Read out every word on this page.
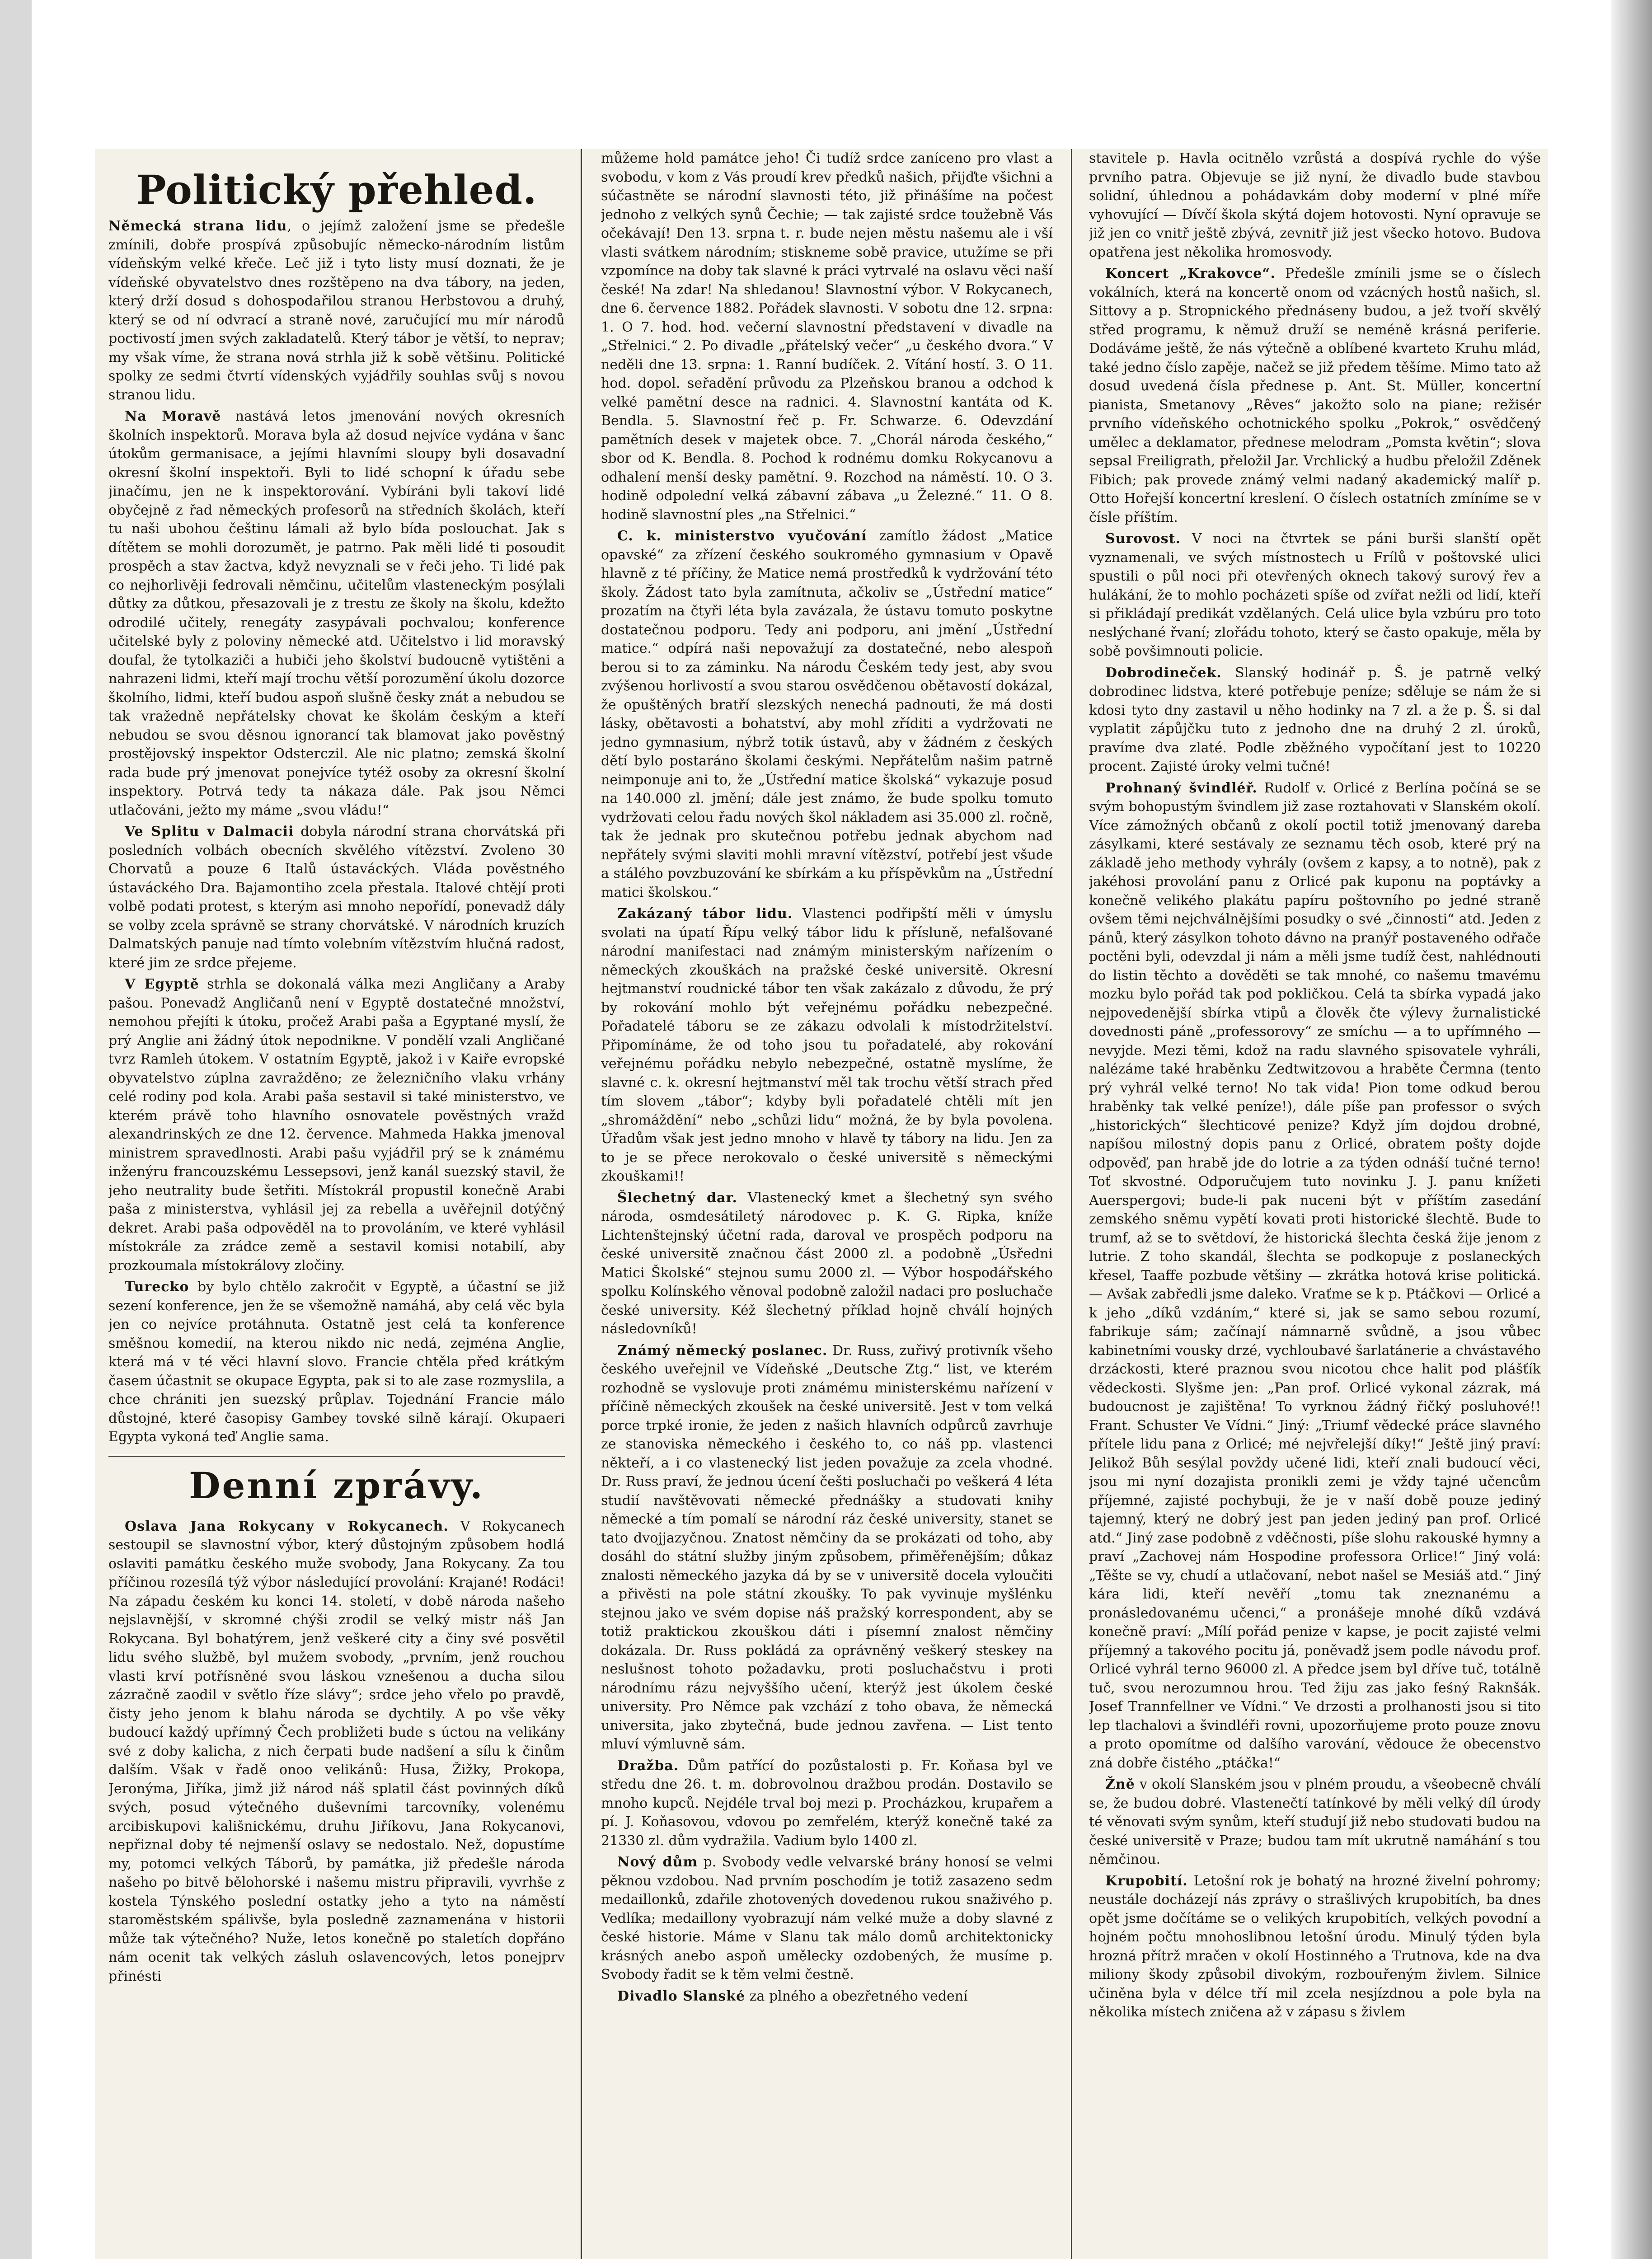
Politický přehled.

Německá strana lidu, o jejímž založení jsme se předešle zmínili, dobře prospívá způsobujíc německo-národním listům vídeňským velké křeče. Leč již i tyto listy musí doznati, že je vídeňské obyvatelstvo dnes rozštěpeno na dva tábory, na jeden, který drží dosud s dohospodařilou stranou Herbstovou a druhý, který se od ní odvrací a straně nové, zaručující mu mír národů poctivostí jmen svých zakladatelů. Který tábor je větší, to neprav; my však víme, že strana nová strhla již k sobě většinu. Politické spolky ze sedmi čtvrtí vídenských vyjádřily souhlas svůj s novou stranou lidu.

Na Moravě nastává letos jmenování nových okresních školních inspektorů. Morava byla až dosud nejvíce vydána v šanc útokům germanisace, a jejími hlavními sloupy byli dosavadní okresní školní inspektoři. Byli to lidé schopní k úřadu sebe jinačímu, jen ne k inspektorování. Vybíráni byli takoví lidé obyčejně z řad německých profesorů na středních školách, kteří tu naši ubohou češtinu lámali až bylo bída poslouchat. Jak s dítětem se mohli dorozumět, je patrno. Pak měli lidé ti posoudit prospěch a stav žactva, když nevyznali se v řeči jeho. Ti lidé pak co nejhorlivěji fedrovali němčinu, učitelům vlasteneckým posýlali důtky za důtkou, přesazovali je z trestu ze školy na školu, kdežto odrodilé učitely, renegáty zasypávali pochvalou; konference učitelské byly z poloviny německé atd. Učitelstvo i lid moravský doufal, že tytolkaziči a hubiči jeho školství budoucně vytištěni a nahrazeni lidmi, kteří mají trochu větší porozumění úkolu dozorce školního, lidmi, kteří budou aspoň slušně česky znát a nebudou se tak vražedně nepřátelsky chovat ke školám českým a kteří nebudou se svou děsnou ignorancí tak blamovat jako pověstný prostějovský inspektor Odsterczil. Ale nic platno; zemská školní rada bude prý jmenovat ponejvíce tytéž osoby za okresní školní inspektory. Potrvá tedy ta nákaza dále. Pak jsou Němci utlačováni, ježto my máme „svou vládu!“

Ve Splitu v Dalmacii dobyla národní strana chorvátská při posledních volbách obecních skvělého vítězství. Zvoleno 30 Chorvatů a pouze 6 Italů ústaváckých. Vláda pověstného ústaváckého Dra. Bajamontiho zcela přestala. Italové chtějí proti volbě podati protest, s kterým asi mnoho nepořídí, ponevadž dály se volby zcela správně se strany chorvátské. V národních kruzích Dalmatských panuje nad tímto volebním vítězstvím hlučná radost, které jim ze srdce přejeme.

V Egyptě strhla se dokonalá válka mezi Angličany a Araby pašou. Ponevadž Angličanů není v Egyptě dostatečné množství, nemohou přejíti k útoku, pročež Arabi paša a Egyptané myslí, že prý Anglie ani žádný útok nepodnikne. V pondělí vzali Angličané tvrz Ramleh útokem. V ostatním Egyptě, jakož i v Kaiře evropské obyvatelstvo zúplna zavražděno; ze železničního vlaku vrhány celé rodiny pod kola. Arabi paša sestavil si také ministerstvo, ve kterém právě toho hlavního osnovatele pověstných vražd alexandrinských ze dne 12. července. Mahmeda Hakka jmenoval ministrem spravedlnosti. Arabi pašu vyjádřil prý se k známému inženýru francouzskému Lessepsovi, jenž kanál suezský stavil, že jeho neutrality bude šetřiti. Místokrál propustil konečně Arabi paša z ministerstva, vyhlásil jej za rebella a uvěřejnil dotýčný dekret. Arabi paša odpověděl na to provoláním, ve které vyhlásil místokrále za zrádce země a sestavil komisi notabilí, aby prozkoumala místokrálovy zločiny.

Turecko by bylo chtělo zakročit v Egyptě, a účastní se již sezení konference, jen že se všemožně namáhá, aby celá věc byla jen co nejvíce protáhnuta. Ostatně jest celá ta konference směšnou komedií, na kterou nikdo nic nedá, zejména Anglie, která má v té věci hlavní slovo. Francie chtěla před krátkým časem účastnit se okupace Egypta, pak si to ale zase rozmyslila, a chce chrániti jen suezský průplav. Tojednání Francie málo důstojné, které časopisy Gambey tovské silně kárají. Okupaeri Egypta vykoná teď Anglie sama.

Denní zprávy.

Oslava Jana Rokycany v Rokycanech. V Rokycanech sestoupil se slavnostní výbor, který důstojným způsobem hodlá oslaviti památku českého muže svobody, Jana Rokycany. Za tou příčinou rozesílá týž výbor následující provolání: Krajané! Rodáci! Na západu českém ku konci 14. století, v době národa našeho nejslavnější, v skromné chýši zrodil se velký mistr náš Jan Rokycana. Byl bohatýrem, jenž veškeré city a činy své posvětil lidu svého službě, byl mužem svobody, „prvním, jenž rouchou vlasti krví potřísněné svou láskou vznešenou a ducha silou zázračně zaodil v světlo říze slávy“; srdce jeho vřelo po pravdě, čisty jeho jenom k blahu národa se dychtily. A po vše věky budoucí každý upřímný Čech probližeti bude s úctou na velikány své z doby kalicha, z nich čerpati bude nadšení a sílu k činům dalším. Však v řadě onoo velikánů: Husa, Žižky, Prokopa, Jeronýma, Jiříka, jimž již národ náš splatil část povinných díků svých, posud výtečného duševními tarcovníky, volenému arcibiskupovi kališnickému, druhu Jiříkovu, Jana Rokycanovi, nepřiznal doby té nejmenší oslavy se nedostalo. Než, dopustíme my, potomci velkých Táborů, by památka, již předešle národa našeho po bitvě bělohorské i našemu mistru připravili, vyvrhše z kostela Týnského poslední ostatky jeho a tyto na náměstí staroměstském spálivše, byla posledně zaznamenána v historii může tak výtečného? Nuže, letos konečně po staletích dopřáno nám ocenit tak velkých zásluh oslavencových, letos ponejprv přinésti

můžeme hold památce jeho! Či tudíž srdce zaníceno pro vlast a svobodu, v kom z Vás proudí krev předků našich, přijďte všichni a súčastněte se národní slavnosti této, již přinášíme na počest jednoho z velkých synů Čechie; — tak zajisté srdce toužebně Vás očekávají! Den 13. srpna t. r. bude nejen městu našemu ale i vší vlasti svátkem národním; stiskneme sobě pravice, utužíme se při vzpomínce na doby tak slavné k práci vytrvalé na oslavu věci naší české! Na zdar! Na shledanou! Slavnostní výbor. V Rokycanech, dne 6. července 1882. Pořádek slavnosti. V sobotu dne 12. srpna: 1. O 7. hod. hod. večerní slavnostní představení v divadle na „Střelnici.“ 2. Po divadle „přátelský večer“ „u českého dvora.“ V neděli dne 13. srpna: 1. Ranní budíček. 2. Vítání hostí. 3. O 11. hod. dopol. seřadění průvodu za Plzeňskou branou a odchod k velké pamětní desce na radnici. 4. Slavnostní kantáta od K. Bendla. 5. Slavnostní řeč p. Fr. Schwarze. 6. Odevzdání pamětních desek v majetek obce. 7. „Chorál národa českého,“ sbor od K. Bendla. 8. Pochod k rodnému domku Rokycanovu a odhalení menší desky pamětní. 9. Rozchod na náměstí. 10. O 3. hodině odpolední velká zábavní zábava „u Železné.“ 11. O 8. hodině slavnostní ples „na Střelnici.“

C. k. ministerstvo vyučování zamítlo žádost „Matice opavské“ za zřízení českého soukromého gymnasium v Opavě hlavně z té příčiny, že Matice nemá prostředků k vydržování této školy. Žádost tato byla zamítnuta, ačkoliv se „Ústřední matice“ prozatím na čtyři léta byla zavázala, že ústavu tomuto poskytne dostatečnou podporu. Tedy ani podporu, ani jmění „Ústřední matice.“ odpírá naši nepovažují za dostatečné, nebo alespoň berou si to za záminku. Na národu Českém tedy jest, aby svou zvýšenou horlivostí a svou starou osvědčenou obětavostí dokázal, že opuštěných bratří slezských nenechá padnouti, že má dosti lásky, obětavosti a bohatství, aby mohl zříditi a vydržovati ne jedno gymnasium, nýbrž totik ústavů, aby v žádném z českých dětí bylo postaráno školami českými. Nepřátelům našim patrně neimponuje ani to, že „Ústřední matice školská“ vykazuje posud na 140.000 zl. jmění; dále jest známo, že bude spolku tomuto vydržovati celou řadu nových škol nákladem asi 35.000 zl. ročně, tak že jednak pro skutečnou potřebu jednak abychom nad nepřátely svými slaviti mohli mravní vítězství, potřebí jest všude a stálého povzbuzování ke sbírkám a ku příspěvkům na „Ústřední matici školskou.“

Zakázaný tábor lidu. Vlastenci podřipští měli v úmyslu svolati na úpatí Řípu velký tábor lidu k přísluně, nefalšované národní manifestaci nad známým ministerským nařízením o německých zkouškách na pražské české universitě. Okresní hejtmanství roudnické tábor ten však zakázalo z důvodu, že prý by rokování mohlo být veřejnému pořádku nebezpečné. Pořadatelé táboru se ze zákazu odvolali k místodržitelství. Připomínáme, že od toho jsou tu pořadatelé, aby rokování veřejnému pořádku nebylo nebezpečné, ostatně myslíme, že slavné c. k. okresní hejtmanství měl tak trochu větší strach před tím slovem „tábor“; kdyby byli pořadatelé chtěli mít jen „shromáždění“ nebo „schůzi lidu“ možná, že by byla povolena. Úřadům však jest jedno mnoho v hlavě ty tábory na lidu. Jen za to je se přece nerokovalo o české universitě s německými zkouškami!!

Šlechetný dar. Vlastenecký kmet a šlechetný syn svého národa, osmdesátiletý národovec p. K. G. Ripka, kníže Lichtenštejnský účetní rada, daroval ve prospěch podporu na české universitě značnou část 2000 zl. a podobně „Úsředni Matici Školské“ stejnou sumu 2000 zl. — Výbor hospodářského spolku Kolínského věnoval podobně založil nadaci pro posluchače české university. Kéž šlechetný příklad hojně chválí hojných následovníků!

Známý německý poslanec. Dr. Russ, zuřivý protivník všeho českého uveřejnil ve Vídeňské „Deutsche Ztg.“ list, ve kterém rozhodně se vyslovuje proti známému ministerskému nařízení v příčině německých zkoušek na české universitě. Jest v tom velká porce trpké ironie, že jeden z našich hlavních odpůrců zavrhuje ze stanoviska německého i českého to, co náš pp. vlastenci někteří, a i co vlastenecký list jeden považuje za zcela vhodné. Dr. Russ praví, že jednou úcení češti posluchači po veškerá 4 léta studií navštěvovati německé přednášky a studovati knihy německé a tím pomalí se národní ráz české university, stanet se tato dvojjazyčnou. Znatost němčiny da se prokázati od toho, aby dosáhl do státní služby jiným způsobem, přiměřenějším; důkaz znalosti německého jazyka dá by se v universitě docela vyloučiti a přivěsti na pole státní zkoušky. To pak vyvinuje myšlénku stejnou jako ve svém dopise náš pražský korrespondent, aby se totiž praktickou zkouškou dáti i písemní znalost němčiny dokázala. Dr. Russ pokládá za oprávněný veškerý steskey na neslušnost tohoto požadavku, proti posluchačstvu i proti národnímu rázu nejvyššího učení, kterýž jest úkolem české university. Pro Němce pak vzchází z toho obava, že německá universita, jako zbytečná, bude jednou zavřena. — List tento mluví výmluvně sám.

Dražba. Dům patřící do pozůstalosti p. Fr. Koňasa byl ve středu dne 26. t. m. dobrovolnou dražbou prodán. Dostavilo se mnoho kupců. Nejdéle trval boj mezi p. Procházkou, krupařem a pí. J. Koňasovou, vdovou po zemřelém, kterýž konečně také za 21330 zl. dům vydražila. Vadium bylo 1400 zl.

Nový dům p. Svobody vedle velvarské brány honosí se velmi pěknou vzdobou. Nad prvním poschodím je totiž zasazeno sedm medaillonků, zdařile zhotovených dovedenou rukou snaživého p. Vedlíka; medaillony vyobrazují nám velké muže a doby slavné z české historie. Máme v Slanu tak málo domů architektonicky krásných anebo aspoň umělecky ozdobených, že musíme p. Svobody řadit se k těm velmi čestně.

Divadlo Slanské za plného a obezřetného vedení

stavitele p. Havla ocitnělo vzrůstá a dospívá rychle do výše prvního patra. Objevuje se již nyní, že divadlo bude stavbou solidní, úhlednou a pohádavkám doby moderní v plné míře vyhovující — Dívčí škola skýtá dojem hotovosti. Nyní opravuje se již jen co vnitř ještě zbývá, zevnitř již jest všecko hotovo. Budova opatřena jest několika hromosvody.

Koncert „Krakovce“. Předešle zmínili jsme se o číslech vokálních, která na koncertě onom od vzácných hostů našich, sl. Sittovy a p. Stropnického přednáseny budou, a jež tvoří skvělý střed programu, k němuž druží se neméně krásná periferie. Dodáváme ještě, že nás výtečně a oblíbené kvarteto Kruhu mlád, také jedno číslo zapěje, načež se již předem těšíme. Mimo tato až dosud uvedená čísla přednese p. Ant. St. Müller, koncertní pianista, Smetanovy „Rêves“ jakožto solo na piane; režisér prvního vídeňského ochotnického spolku „Pokrok,“ osvědčený umělec a deklamator, přednese melodram „Pomsta květin“; slova sepsal Freiligrath, přeložil Jar. Vrchlický a hudbu přeložil Zděnek Fibich; pak provede známý velmi nadaný akademický malíř p. Otto Hořejší koncertní kreslení. O číslech ostatních zmíníme se v čísle příštím.

Surovost. V noci na čtvrtek se páni burši slanští opět vyznamenali, ve svých místnostech u Frílů v poštovské ulici spustili o půl noci při otevřených oknech takový surový řev a hulákání, že to mohlo pocházeti spíše od zvířat nežli od lidí, kteří si přikládají predikát vzdělaných. Celá ulice byla vzbúru pro toto neslýchané řvaní; zlořádu tohoto, který se často opakuje, měla by sobě povšimnouti policie.

Dobrodineček. Slanský hodinář p. Š. je patrně velký dobrodinec lidstva, které potřebuje peníze; sděluje se nám že si kdosi tyto dny zastavil u něho hodinky na 7 zl. a že p. Š. si dal vyplatit zápůjčku tuto z jednoho dne na druhý 2 zl. úroků, pravíme dva zlaté. Podle zběžného vypočítaní jest to 10220 procent. Zajisté úroky velmi tučné!

Prohnaný švindléř. Rudolf v. Orlicé z Berlína počíná se se svým bohopustým švindlem již zase roztahovati v Slanském okolí. Více zámožných občanů z okolí poctil totiž jmenovaný dareba zásylkami, které sestávaly ze seznamu těch osob, které prý na základě jeho methody vyhrály (ovšem z kapsy, a to notně), pak z jakéhosi provolání panu z Orlicé pak kuponu na poptávky a konečně velikého plakátu papíru poštovního po jedné straně ovšem těmi nejchválnějšími posudky o své „činnosti“ atd. Jeden z pánů, který zásylkon tohoto dávno na pranýř postaveného odřače poctěni byli, odevzdal ji nám a měli jsme tudíž čest, nahlédnouti do listin těchto a dověděti se tak mnohé, co našemu tmavému mozku bylo pořád tak pod pokličkou. Celá ta sbírka vypadá jako nejpovedenější sbírka vtipů a člověk čte výlevy žurnalistické dovednosti páně „professorovy“ ze smíchu — a to upřímného — nevyjde. Mezi těmi, kdož na radu slavného spisovatele vyhráli, nalézáme také hraběnku Zedtwitzovou a hraběte Čermna (tento prý vyhrál velké terno! No tak vida! Pion tome odkud berou hraběnky tak velké peníze!), dále píše pan professor o svých „historických“ šlechticové penize? Když jím dojdou drobné, napíšou milostný dopis panu z Orlicé, obratem pošty dojde odpověď, pan hrabě jde do lotrie a za týden odnáší tučné terno! Toť skvostné. Odporučujem tuto novinku J. J. panu knížeti Auerspergovi; bude-li pak nuceni být v příštím zasedání zemského sněmu vypětí kovati proti historické šlechtě. Bude to trumf, až se to světdoví, že historická šlechta česká žije jenom z lutrie. Z toho skandál, šlechta se podkopuje z poslaneckých křesel, Taaffe pozbude většiny — zkrátka hotová krise politická. — Avšak zabředli jsme daleko. Vraťme se k p. Ptáčkovi — Orlicé a k jeho „díků vzdáním,“ které si, jak se samo sebou rozumí, fabrikuje sám; začínají námnarně svůdně, a jsou vůbec kabinetními vousky drzé, vychloubavé šarlatánerie a chvástavého drzáckosti, které praznou svou nicotou chce halit pod plášťík vědeckosti. Slyšme jen: „Pan prof. Orlicé vykonal zázrak, má budoucnost je zajištěna! To vyrknou žádný řičký posluhové!! Frant. Schuster Ve Vídni.“ Jiný: „Triumf vědecké práce slavného přítele lidu pana z Orlicé; mé nejvřelejší díky!“ Ještě jiný praví: Jelikož Bůh sesýlal povždy učené lidi, kteří znali budoucí věci, jsou mi nyní dozajista pronikli zemi je vždy tajné učencům příjemné, zajisté pochybuji, že je v naší době pouze jediný tajemný, který ne dobrý jest pan jeden jediný pan prof. Orlicé atd.“ Jiný zase podobně z vděčnosti, píše slohu rakouské hymny a praví „Zachovej nám Hospodine professora Orlice!“ Jiný volá: „Těšte se vy, chudí a utlačovaní, nebot našel se Mesiáš atd.“ Jiný kára lidi, kteří nevěří „tomu tak zneznanému a pronásledovanému učenci,“ a pronášeje mnohé díků vzdává konečně praví: „Mílí pořád penize v kapse, je pocit zajisté velmi příjemný a takového pocitu já, poněvadž jsem podle návodu prof. Orlicé vyhrál terno 96000 zl. A předce jsem byl dříve tuč, totálně tuč, svou nerozumnou hrou. Ted žiju zas jako feśný Raknšák. Josef Trannfellner ve Vídni.“ Ve drzosti a prolhanosti jsou si tito lep tlachalovi a švindléři rovni, upozorňujeme proto pouze znovu a proto opomítme od dalšího varování, vědouce že obecenstvo zná dobře čistého „ptáčka!“

Žně v okolí Slanském jsou v plném proudu, a všeobecně chválí se, že budou dobré. Vlastenečtí tatínkové by měli velký díl úrody té věnovati svým synům, kteří studují již nebo studovati budou na české universitě v Praze; budou tam mít ukrutně namáhání s tou němčinou.

Krupobití. Letošní rok je bohatý na hrozné živelní pohromy; neustále docházejí nás zprávy o strašlivých krupobitích, ba dnes opět jsme dočítáme se o velikých krupobitích, velkých povodní a hojném počtu mnohoslibnou letošní úrodu. Minulý týden byla hrozná přítrž mračen v okolí Hostinného a Trutnova, kde na dva miliony škody způsobil divokým, rozbouřeným živlem. Silnice učiněna byla v délce tří mil zcela nesjízdnou a pole byla na několika místech zničena až v zápasu s živlem
